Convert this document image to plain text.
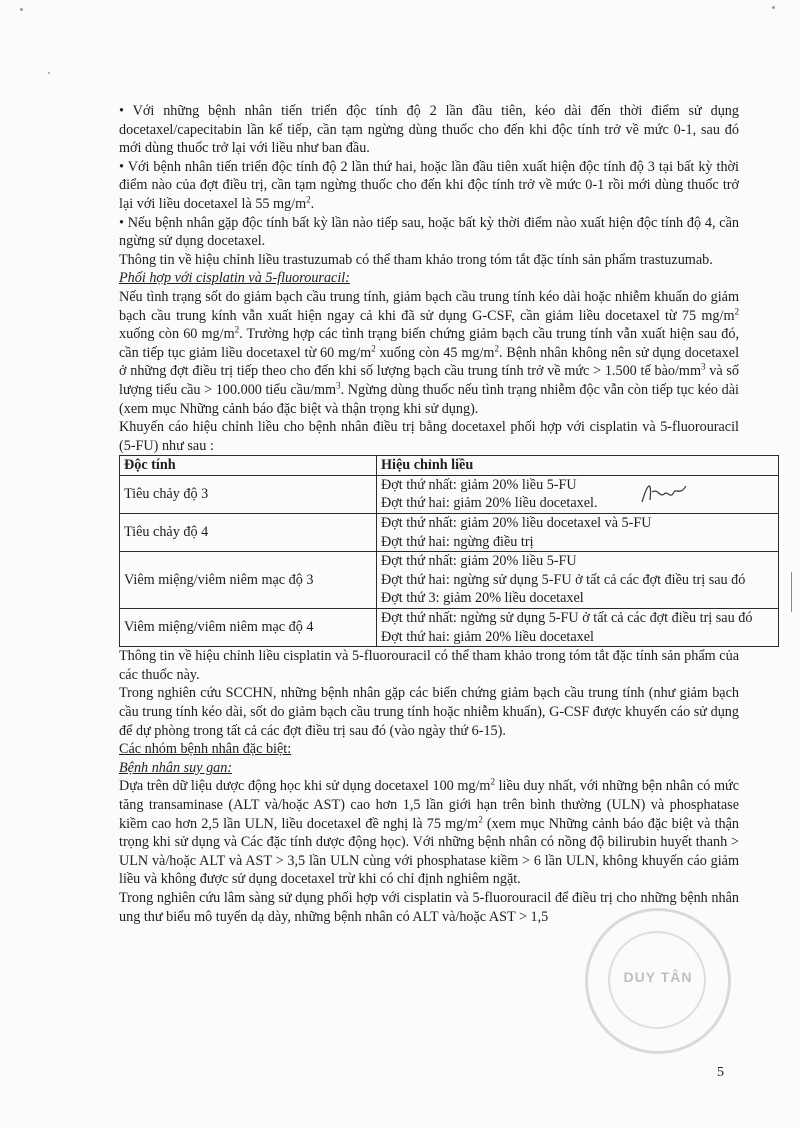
• Với những bệnh nhân tiến triển độc tính độ 2 lần đầu tiên, kéo dài đến thời điểm sử dụng docetaxel/capecitabin lần kế tiếp, cần tạm ngừng dùng thuốc cho đến khi độc tính trở về mức 0-1, sau đó mới dùng thuốc trở lại với liều như ban đầu.

• Với bệnh nhân tiến triển độc tính độ 2 lần thứ hai, hoặc lần đầu tiên xuất hiện độc tính độ 3 tại bất kỳ thời điểm nào của đợt điều trị, cần tạm ngừng thuốc cho đến khi độc tính trở về mức 0-1 rồi mới dùng thuốc trở lại với liều docetaxel là 55 $mg/m^2$.

• Nếu bệnh nhân gặp độc tính bất kỳ lần nào tiếp sau, hoặc bất kỳ thời điểm nào xuất hiện độc tính độ 4, cần ngừng sử dụng docetaxel.

Thông tin về hiệu chỉnh liều trastuzumab có thể tham khảo trong tóm tắt đặc tính sản phẩm trastuzumab.

Phối hợp với cisplatin và 5-fluorouracil:

Nếu tình trạng sốt do giảm bạch cầu trung tính, giảm bạch cầu trung tính kéo dài hoặc nhiễm khuẩn do giảm bạch cầu trung kính vẫn xuất hiện ngay cả khi đã sử dụng G-CSF, cần giảm liều docetaxel từ 75 $mg/m^2$ xuống còn 60 $mg/m^2$. Trường hợp các tình trạng biến chứng giảm bạch cầu trung tính vẫn xuất hiện sau đó, cần tiếp tục giảm liều docetaxel từ 60 $mg/m^2$ xuống còn 45 $mg/m^2$. Bệnh nhân không nên sử dụng docetaxel ở những đợt điều trị tiếp theo cho đến khi số lượng bạch cầu trung tính trở về mức > 1.500 tế bào/$mm^3$ và số lượng tiểu cầu > 100.000 tiểu cầu/$mm^3$. Ngừng dùng thuốc nếu tình trạng nhiễm độc vẫn còn tiếp tục kéo dài (xem mục Những cảnh báo đặc biệt và thận trọng khi sử dụng).

Khuyến cáo hiệu chỉnh liều cho bệnh nhân điều trị bằng docetaxel phối hợp với cisplatin và 5-fluorouracil (5-FU) như sau :

Độc tính	Hiệu chỉnh liều
Tiêu chảy độ 3	Đợt thứ nhất: giảm 20% liều 5-FU
Đợt thứ hai: giảm 20% liều docetaxel.

Tiêu chảy độ 4	Đợt thứ nhất: giảm 20% liều docetaxel và 5-FU
Đợt thứ hai: ngừng điều trị

Viêm miệng/viêm niêm mạc độ 3	Đợt thứ nhất: giảm 20% liều 5-FU
Đợt thứ hai: ngừng sử dụng 5-FU ở tất cả các đợt điều trị sau đó
Đợt thứ 3: giảm 20% liều docetaxel

Viêm miệng/viêm niêm mạc độ 4	Đợt thứ nhất: ngừng sử dụng 5-FU ở tất cả các đợt điều trị sau đó
Đợt thứ hai: giảm 20% liều docetaxel

Thông tin về hiệu chỉnh liều cisplatin và 5-fluorouracil có thể tham khảo trong tóm tắt đặc tính sản phẩm của các thuốc này.

Trong nghiên cứu SCCHN, những bệnh nhân gặp các biến chứng giảm bạch cầu trung tính (như giảm bạch cầu trung tính kéo dài, sốt do giảm bạch cầu trung tính hoặc nhiễm khuẩn), G-CSF được khuyến cáo sử dụng để dự phòng trong tất cả các đợt điều trị sau đó (vào ngày thứ 6-15).

Các nhóm bệnh nhân đặc biệt:

Bệnh nhân suy gan:

Dựa trên dữ liệu dược động học khi sử dụng docetaxel 100 $mg/m^2$ liều duy nhất, với những bện nhân có mức tăng transaminase (ALT và/hoặc AST) cao hơn 1,5 lần giới hạn trên bình thường (ULN) và phosphatase kiềm cao hơn 2,5 lần ULN, liều docetaxel đề nghị là 75 $mg/m^2$ (xem mục Những cảnh báo đặc biệt và thận trọng khi sử dụng và Các đặc tính dược động học). Với những bệnh nhân có nồng độ bilirubin huyết thanh > ULN và/hoặc ALT và AST > 3,5 lần ULN cùng với phosphatase kiềm > 6 lần ULN, không khuyến cáo giảm liều và không được sử dụng docetaxel trừ khi có chỉ định nghiêm ngặt.

Trong nghiên cứu lâm sàng sử dụng phối hợp với cisplatin và 5-fluorouracil để điều trị cho những bệnh nhân ung thư biểu mô tuyến dạ dày, những bệnh nhân có ALT và/hoặc AST > 1,5

DUY TÂN
5
